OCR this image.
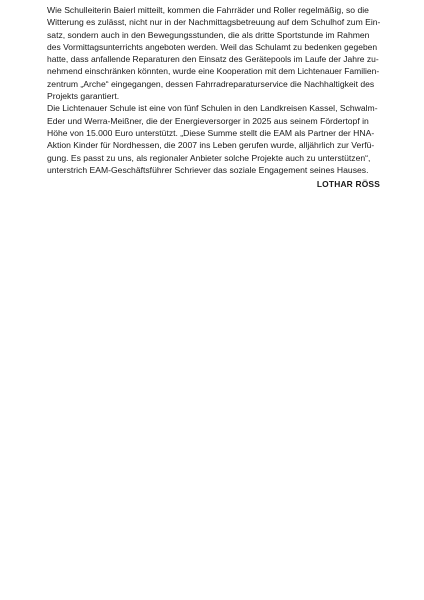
Wie Schulleiterin Baierl mitteilt, kommen die Fahrräder und Roller regelmäßig, so die
Witterung es zulässt, nicht nur in der Nachmittagsbetreuung auf dem Schulhof zum Ein-
satz, sondern auch in den Bewegungsstunden, die als dritte Sportstunde im Rahmen
des Vormittagsunterrichts angeboten werden. Weil das Schulamt zu bedenken gegeben
hatte, dass anfallende Reparaturen den Einsatz des Gerätepools im Laufe der Jahre zu-
nehmend einschränken könnten, wurde eine Kooperation mit dem Lichtenauer Familien-
zentrum „Arche“ eingegangen, dessen Fahrradreparaturservice die Nachhaltigkeit des
Projekts garantiert.

Die Lichtenauer Schule ist eine von fünf Schulen in den Landkreisen Kassel, Schwalm-
Eder und Werra-Meißner, die der Energieversorger in 2025 aus seinem Fördertopf in
Höhe von 15.000 Euro unterstützt. „Diese Summe stellt die EAM als Partner der HNA-
Aktion Kinder für Nordhessen, die 2007 ins Leben gerufen wurde, alljährlich zur Verfü-
gung. Es passt zu uns, als regionaler Anbieter solche Projekte auch zu unterstützen“,
unterstrich EAM-Geschäftsführer Schriever das soziale Engagement seines Hauses.

LOTHAR RÖSS
